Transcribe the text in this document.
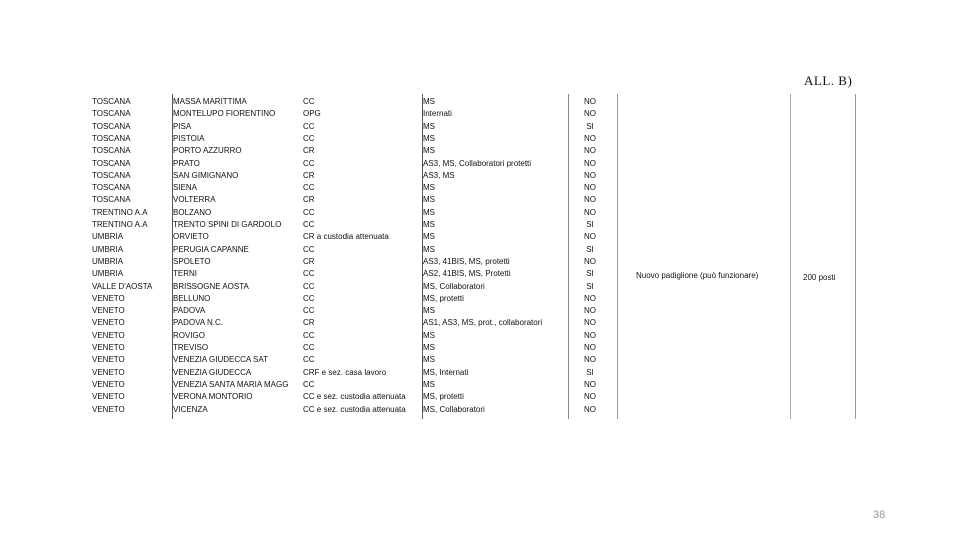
ALL. B)
TOSCANA	MASSA MARITTIMA	CC	MS	NO
TOSCANA	MONTELUPO FIORENTINO	OPG	Internati	NO
TOSCANA	PISA	CC	MS	SI
TOSCANA	PISTOIA	CC	MS	NO
TOSCANA	PORTO AZZURRO	CR	MS	NO
TOSCANA	PRATO	CC	AS3, MS, Collaboratori protetti	NO
TOSCANA	SAN GIMIGNANO	CR	AS3, MS	NO
TOSCANA	SIENA	CC	MS	NO
TOSCANA	VOLTERRA	CR	MS	NO
TRENTINO A.A	BOLZANO	CC	MS	NO
TRENTINO A.A	TRENTO SPINI DI GARDOLO	CC	MS	SI
UMBRIA	ORVIETO	CR a custodia attenuata	MS	NO
UMBRIA	PERUGIA CAPANNE	CC	MS	SI
UMBRIA	SPOLETO	CR	AS3, 41BIS, MS, protetti	NO
UMBRIA	TERNI	CC	AS2, 41BIS, MS, Protetti	SI
VALLE D'AOSTA	BRISSOGNE AOSTA	CC	MS, Collaboratori	SI
VENETO	BELLUNO	CC	MS, protetti	NO
VENETO	PADOVA	CC	MS	NO
VENETO	PADOVA N.C.	CR	AS1, AS3, MS, prot., collaboratori	NO
VENETO	ROVIGO	CC	MS	NO
VENETO	TREVISO	CC	MS	NO
VENETO	VENEZIA GIUDECCA SAT	CC	MS	NO
VENETO	VENEZIA GIUDECCA	CRF e sez. casa lavoro	MS, Internati	SI
VENETO	VENEZIA SANTA MARIA MAGG	CC	MS	NO
VENETO	VERONA MONTORIO	CC e sez. custodia attenuata	MS, protetti	NO
VENETO	VICENZA	CC e sez. custodia attenuata	MS, Collaboratori	NO
Nuovo padiglione (può funzionare)	200 posti
38
